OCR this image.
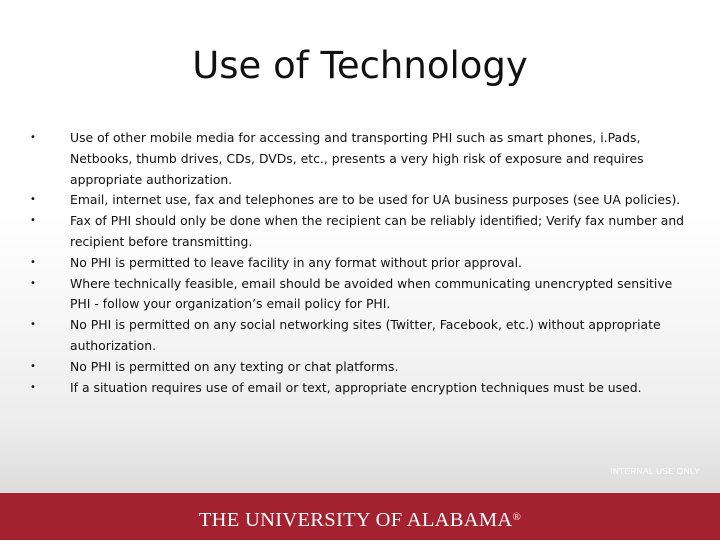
Use of Technology
•	Use of other mobile media for accessing and transporting PHI such as smart phones, i.Pads, Netbooks, thumb drives, CDs, DVDs, etc., presents a very high risk of exposure and requires appropriate authorization.
•	Email, internet use, fax and telephones are to be used for UA business purposes (see UA policies).
•	Fax of PHI should only be done when the recipient can be reliably identified; Verify fax number and recipient before transmitting.
•	No PHI is permitted to leave facility in any format without prior approval.
•	Where technically feasible, email should be avoided when communicating unencrypted sensitive PHI - follow your organization’s email policy for PHI.
•	No PHI is permitted on any social networking sites (Twitter, Facebook, etc.) without appropriate authorization.
•	No PHI is permitted on any texting or chat platforms.
•	If a situation requires use of email or text, appropriate encryption techniques must be used.
INTERNAL USE ONLY
THE UNIVERSITY OF ALABAMA®
